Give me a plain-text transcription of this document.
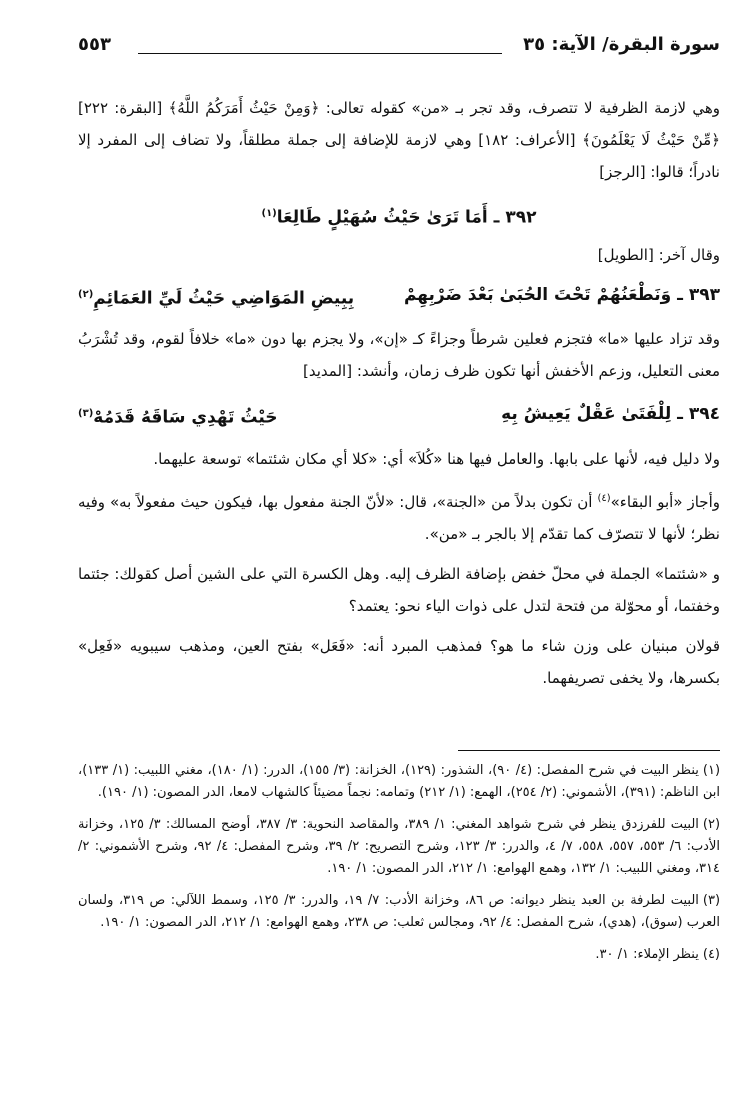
سورة البقرة/ الآية: ٣٥
٥٥٣

وهي لازمة الظرفية لا تتصرف، وقد تجر بـ «من» كقوله تعالى: ﴿وَمِنْ حَيْثُ أَمَرَكُمُ اللَّهُ﴾ [البقرة: ٢٢٢] ﴿مِّنْ حَيْثُ لَا يَعْلَمُونَ﴾ [الأعراف: ١٨٢] وهي لازمة للإضافة إلى جملة مطلقاً، ولا تضاف إلى المفرد إلا نادراً؛ قالوا: [الرجز]

٣٩٢ ـ أَمَا تَرَىٰ حَيْثُ سُهَيْلٍ طَالِعَا$^{(١)}$
وقال آخر: [الطويل]
٣٩٣ ـ وَنَطْعَنُهُمْ تَحْتَ الحُبَىٰ بَعْدَ ضَرْبِهِمْ
بِبِيضِ المَوَاضِي حَيْثُ لَيِّ العَمَائِمِ$^{(٢)}$

وقد تزاد عليها «ما» فتجزم فعلين شرطاً وجزاءً كـ «إن»، ولا يجزم بها دون «ما» خلافاً لقوم، وقد تُشْرَبُ معنى التعليل، وزعم الأخفش أنها تكون ظرف زمان، وأنشد: [المديد]

٣٩٤ ـ لِلْفَتَىٰ عَقْلٌ يَعِيشُ بِهِ
حَيْثُ تَهْدِي سَاقَهُ قَدَمُهْ$^{(٣)}$

ولا دليل فيه، لأنها على بابها. والعامل فيها هنا «كُلاَ» أي: «كلا أي مكان شئتما» توسعة عليهما.

وأجاز «أبو البقاء»$^{(٤)}$ أن تكون بدلاً من «الجنة»، قال: «لأنّ الجنة مفعول بها، فيكون حيث مفعولاً به» وفيه نظر؛ لأنها لا تتصرّف كما تقدّم إلا بالجر بـ «من».

و «شئتما» الجملة في محلّ خفض بإضافة الظرف إليه. وهل الكسرة التي على الشين أصل كقولك: جئتما وخفتما، أو محوّلة من فتحة لتدل على ذوات الياء نحو: يعتمد؟

قولان مبنيان على وزن شاء ما هو؟ فمذهب المبرد أنه: «فَعَل» بفتح العين، ومذهب سيبويه «فَعِل» بكسرها، ولا يخفى تصريفهما.

(١)ينظر البيت في شرح المفصل: (٤/ ٩٠)، الشذور: (١٢٩)، الخزانة: (٣/ ١٥٥)، الدرر: (١/ ١٨٠)، مغني اللبيب: (١/ ١٣٣)، ابن الناظم: (٣٩١)، الأشموني: (٢/ ٢٥٤)، الهمع: (١/ ٢١٢) وتمامه: نجماً مضيئاً كالشهاب لامعا، الدر المصون: (١/ ١٩٠).
(٢)البيت للفرزدق ينظر في شرح شواهد المغني: ١/ ٣٨٩، والمقاصد النحوية: ٣/ ٣٨٧، أوضح المسالك: ٣/ ١٢٥، وخزانة الأدب: ٦/ ٥٥٣، ٥٥٧، ٥٥٨، ٧/ ٤، والدرر: ٣/ ١٢٣، وشرح التصريح: ٢/ ٣٩، وشرح المفصل: ٤/ ٩٢، وشرح الأشموني: ٢/ ٣١٤، ومغني اللبيب: ١/ ١٣٢، وهمع الهوامع: ١/ ٢١٢، الدر المصون: ١/ ١٩٠.
(٣)البيت لطرفة بن العبد ينظر ديوانه: ص ٨٦، وخزانة الأدب: ٧/ ١٩، والدرر: ٣/ ١٢٥، وسمط اللآلي: ص ٣١٩، ولسان العرب (سوق)، (هدي)، شرح المفصل: ٤/ ٩٢، ومجالس ثعلب: ص ٢٣٨، وهمع الهوامع: ١/ ٢١٢، الدر المصون: ١/ ١٩٠.
(٤)ينظر الإملاء: ١/ ٣٠.
